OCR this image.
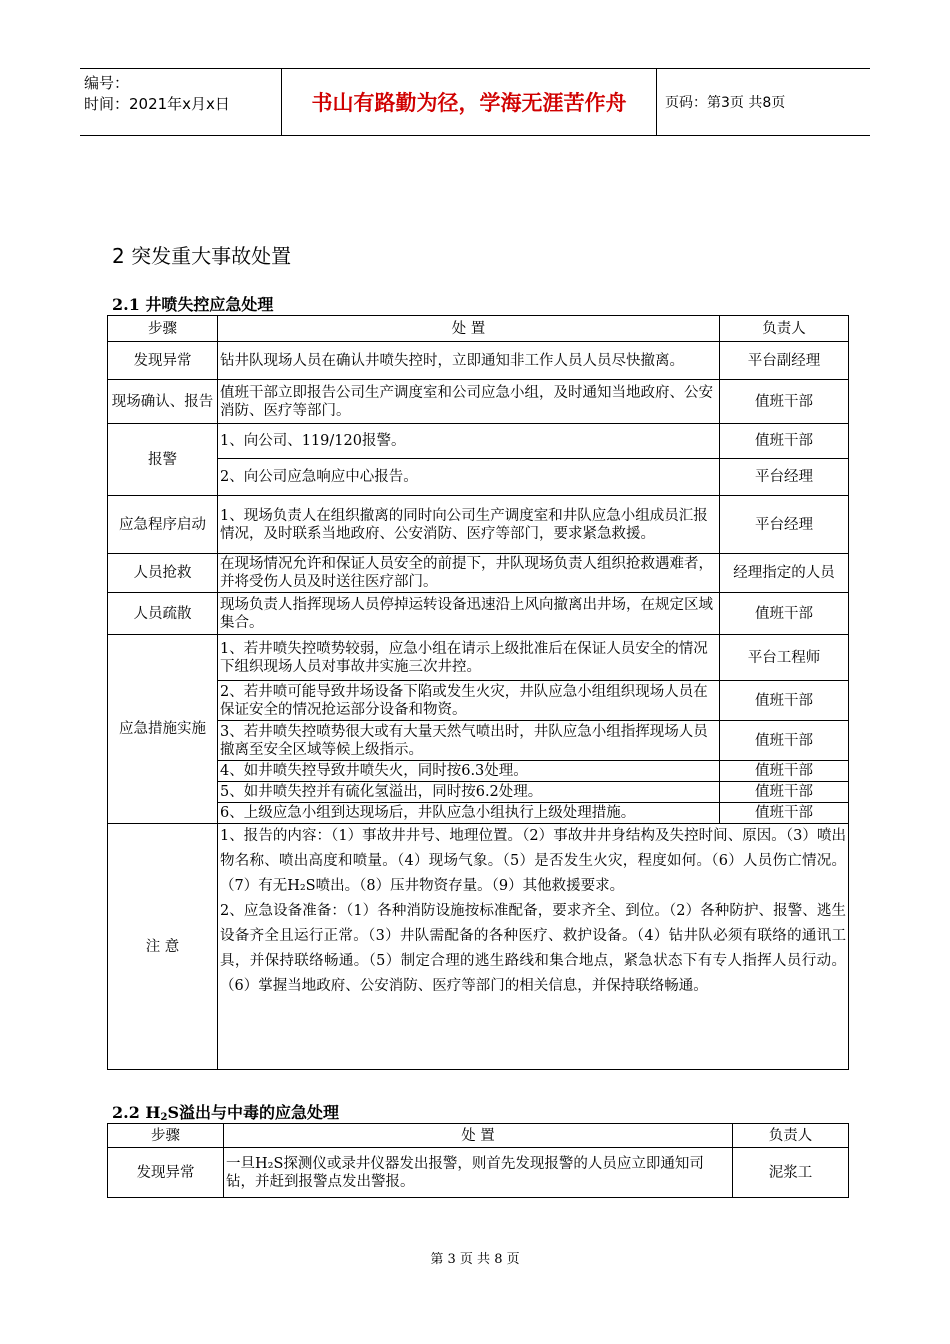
编号：
时间：2021年x月x日	书山有路勤为径，学海无涯苦作舟	页码：第3页 共8页
2 突发重大事故处置
2.1 井喷失控应急处理
步骤	处 置	负责人
发现异常	钻井队现场人员在确认井喷失控时，立即通知非工作人员人员尽快撤离。	平台副经理
现场确认、报告	值班干部立即报告公司生产调度室和公司应急小组，及时通知当地政府、公安消防、医疗等部门。	值班干部
报警	1、向公司、119/120报警。	值班干部
	2、向公司应急响应中心报告。	平台经理
应急程序启动	1、现场负责人在组织撤离的同时向公司生产调度室和井队应急小组成员汇报情况，及时联系当地政府、公安消防、医疗等部门，要求紧急救援。	平台经理
人员抢救	在现场情况允许和保证人员安全的前提下，井队现场负责人组织抢救遇难者，并将受伤人员及时送往医疗部门。	经理指定的人员
人员疏散	现场负责人指挥现场人员停掉运转设备迅速沿上风向撤离出井场，在规定区域集合。	值班干部
应急措施实施	1、若井喷失控喷势较弱，应急小组在请示上级批准后在保证人员安全的情况下组织现场人员对事故井实施三次井控。	平台工程师
	2、若井喷可能导致井场设备下陷或发生火灾，井队应急小组组织现场人员在保证安全的情况抢运部分设备和物资。	值班干部
	3、若井喷失控喷势很大或有大量天然气喷出时，井队应急小组指挥现场人员撤离至安全区域等候上级指示。	值班干部
	4、如井喷失控导致井喷失火，同时按6.3处理。	值班干部
	5、如井喷失控并有硫化氢溢出，同时按6.2处理。	值班干部
	6、上级应急小组到达现场后，井队应急小组执行上级处理措施。	值班干部
注 意	1、报告的内容：（1）事故井井号、地理位置。（2）事故井井身结构及失控时间、原因。（3）喷出物名称、喷出高度和喷量。（4）现场气象。（5）是否发生火灾，程度如何。（6）人员伤亡情况。（7）有无H₂S喷出。（8）压井物资存量。（9）其他救援要求。
2、应急设备准备：（1）各种消防设施按标准配备，要求齐全、到位。（2）各种防护、报警、逃生设备齐全且运行正常。（3）井队需配备的各种医疗、救护设备。（4）钻井队必须有联络的通讯工具，并保持联络畅通。（5）制定合理的逃生路线和集合地点，紧急状态下有专人指挥人员行动。（6）掌握当地政府、公安消防、医疗等部门的相关信息，并保持联络畅通。	
2.2 $H_2S$溢出与中毒的应急处理
步骤	处 置	负责人
发现异常	一旦H₂S探测仪或录井仪器发出报警，则首先发现报警的人员应立即通知司钻，并赶到报警点发出警报。	泥浆工
第 3 页 共 8 页
